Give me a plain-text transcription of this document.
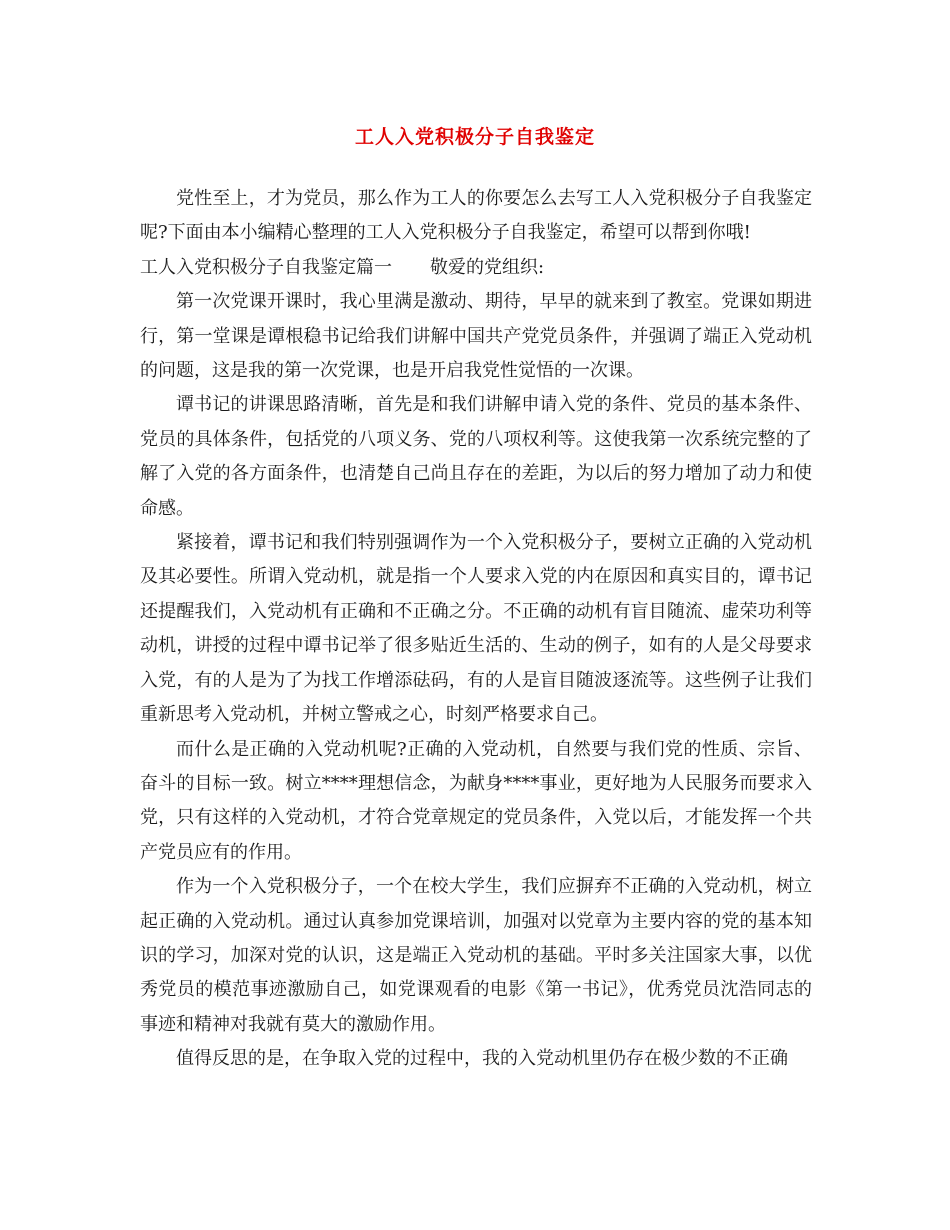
工人入党积极分子自我鉴定

党性至上，才为党员，那么作为工人的你要怎么去写工人入党积极分子自我鉴定呢?下面由本小编精心整理的工人入党积极分子自我鉴定，希望可以帮到你哦!

工人入党积极分子自我鉴定篇一 敬爱的党组织:

第一次党课开课时，我心里满是激动、期待，早早的就来到了教室。党课如期进行，第一堂课是谭根稳书记给我们讲解中国共产党党员条件，并强调了端正入党动机的问题，这是我的第一次党课，也是开启我党性觉悟的一次课。

谭书记的讲课思路清晰，首先是和我们讲解申请入党的条件、党员的基本条件、党员的具体条件，包括党的八项义务、党的八项权利等。这使我第一次系统完整的了解了入党的各方面条件，也清楚自己尚且存在的差距，为以后的努力增加了动力和使命感。

紧接着，谭书记和我们特别强调作为一个入党积极分子，要树立正确的入党动机及其必要性。所谓入党动机，就是指一个人要求入党的内在原因和真实目的，谭书记还提醒我们，入党动机有正确和不正确之分。不正确的动机有盲目随流、虚荣功利等动机，讲授的过程中谭书记举了很多贴近生活的、生动的例子，如有的人是父母要求入党，有的人是为了为找工作增添砝码，有的人是盲目随波逐流等。这些例子让我们重新思考入党动机，并树立警戒之心，时刻严格要求自己。

而什么是正确的入党动机呢?正确的入党动机，自然要与我们党的性质、宗旨、奋斗的目标一致。树立****理想信念，为献身****事业，更好地为人民服务而要求入党，只有这样的入党动机，才符合党章规定的党员条件，入党以后，才能发挥一个共产党员应有的作用。

作为一个入党积极分子，一个在校大学生，我们应摒弃不正确的入党动机，树立起正确的入党动机。通过认真参加党课培训，加强对以党章为主要内容的党的基本知识的学习，加深对党的认识，这是端正入党动机的基础。平时多关注国家大事，以优秀党员的模范事迹激励自己，如党课观看的电影《第一书记》，优秀党员沈浩同志的事迹和精神对我就有莫大的激励作用。

值得反思的是，在争取入党的过程中，我的入党动机里仍存在极少数的不正确
